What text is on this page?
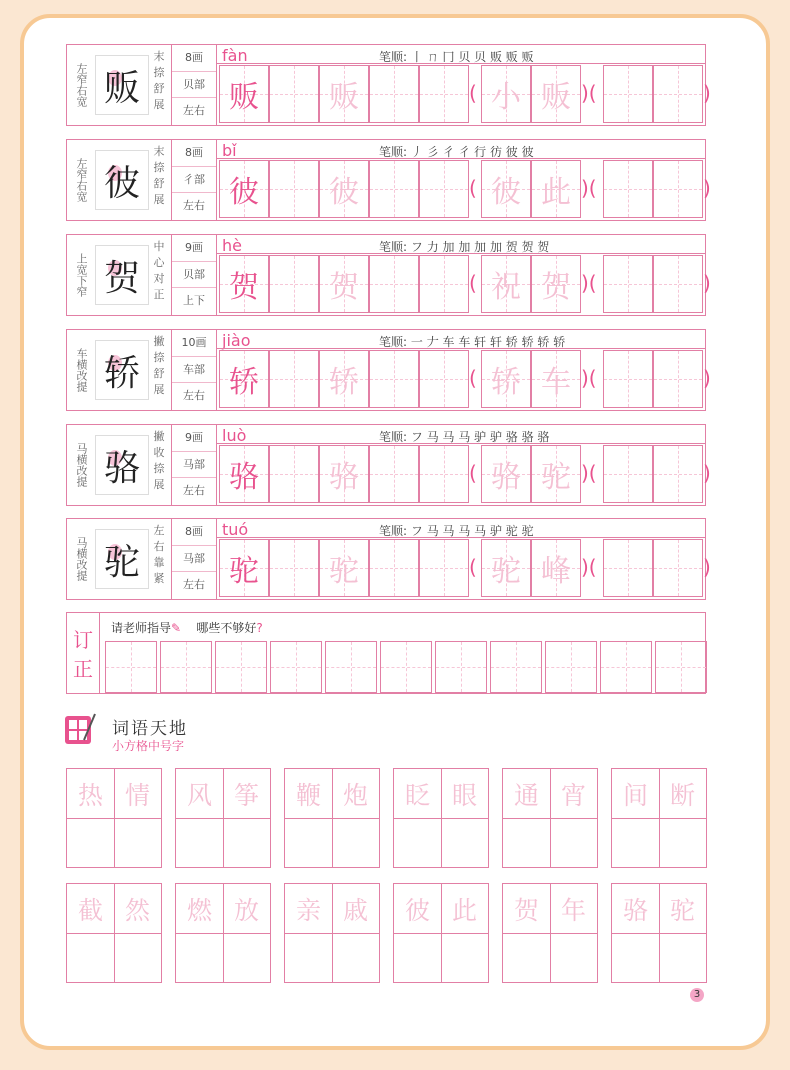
左窄右宽 贩
末捺舒展
8画
贝部
左右
fàn	笔顺: 丨 ㄇ 冂 贝 贝 贩 贩 贩
贩 贩	( 小 贩 )(	)
左窄右宽 彼
末捺舒展
8画
彳部
左右
bǐ	笔顺: 丿 彡 彳 彳 行 彷 彼 彼
彼 彼	( 彼 此 )(	)
上宽下窄 贺
中心对正
9画
贝部
上下
hè	笔顺: フ 力 加 加 加 加 贺 贺 贺
贺 贺	( 祝 贺 )(	)
车横改提 轿
撇捺舒展
10画
车部
左右
jiào	笔顺: 一 𠂇 车 车 轩 轩 轿 轿 轿 轿
轿 轿	( 轿 车 )(	)
马横改提 骆
撇收捺展
9画
马部
左右
luò	笔顺: フ 马 马 马 驴 驴 骆 骆 骆
骆 骆	( 骆 驼 )(	)
马横改提 驼
左右靠紧
8画
马部
左右
tuó	笔顺: フ 马 马 马 马 驴 驼 驼
驼 驼	( 驼 峰 )(	)
订
正
请老师指导✎ 哪些不够好?
词语天地
小方格中号字
热 情	风 筝	鞭 炮	眨 眼	通 宵	间 断
截 然	燃 放	亲 戚	彼 此	贺 年	骆 驼
3
